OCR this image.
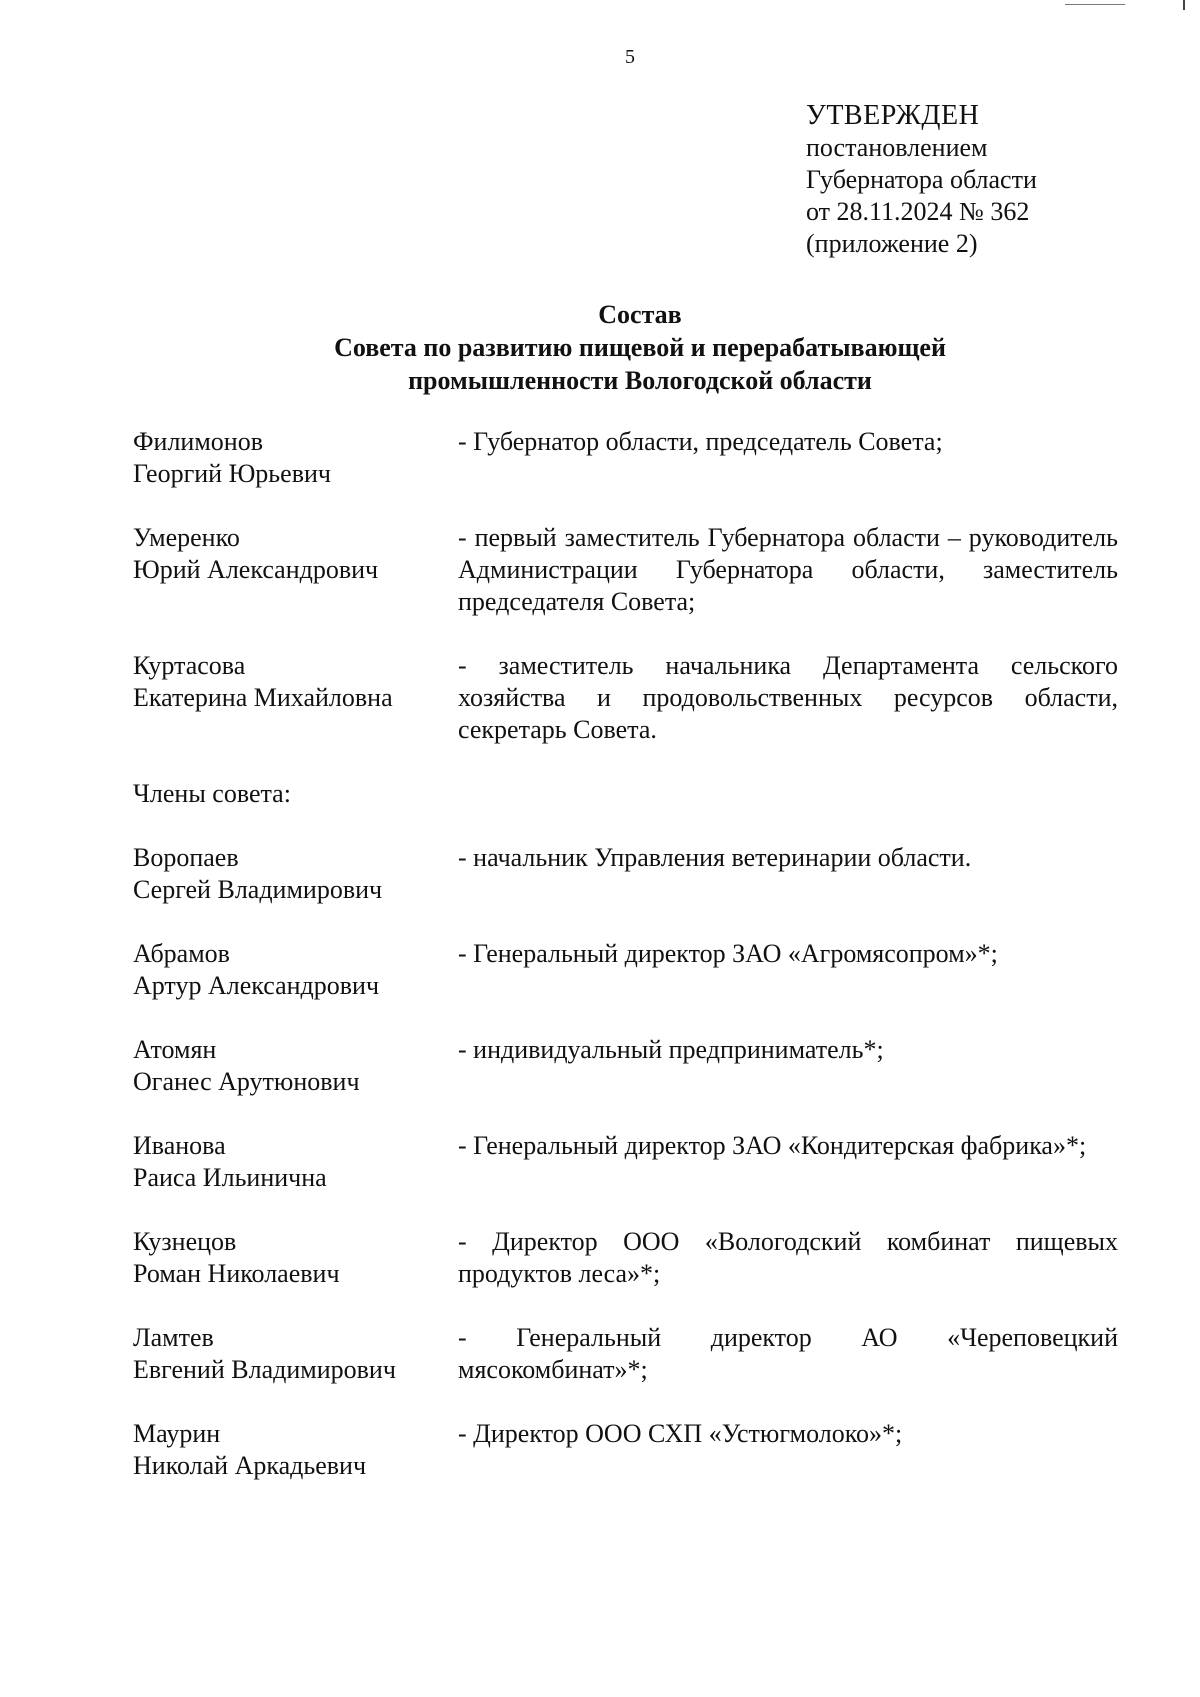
5
УТВЕРЖДЕН
постановлением
Губернатора области
от 28.11.2024 № 362
(приложение 2)
Состав
Совета по развитию пищевой и перерабатывающей
промышленности Вологодской области
Филимонов
Георгий Юрьевич
- Губернатор области, председатель Совета;
Умеренко
Юрий Александрович
- первый заместитель Губернатора области – руководитель Администрации Губернатора области, заместитель председателя Совета;
Куртасова
Екатерина Михайловна
- заместитель начальника Департамента сельского хозяйства и продовольственных ресурсов области, секретарь Совета.
Члены совета:
Воропаев
Сергей Владимирович
- начальник Управления ветеринарии области.
Абрамов
Артур Александрович
- Генеральный директор ЗАО «Агромясопром»*;
Атомян
Оганес Арутюнович
- индивидуальный предприниматель*;
Иванова
Раиса Ильинична
- Генеральный директор ЗАО «Кондитерская фабрика»*;
Кузнецов
Роман Николаевич
- Директор ООО «Вологодский комбинат пищевых продуктов леса»*;
Ламтев
Евгений Владимирович
- Генеральный директор АО «Череповецкий мясокомбинат»*;
Маурин
Николай Аркадьевич
- Директор ООО СХП «Устюгмолоко»*;
